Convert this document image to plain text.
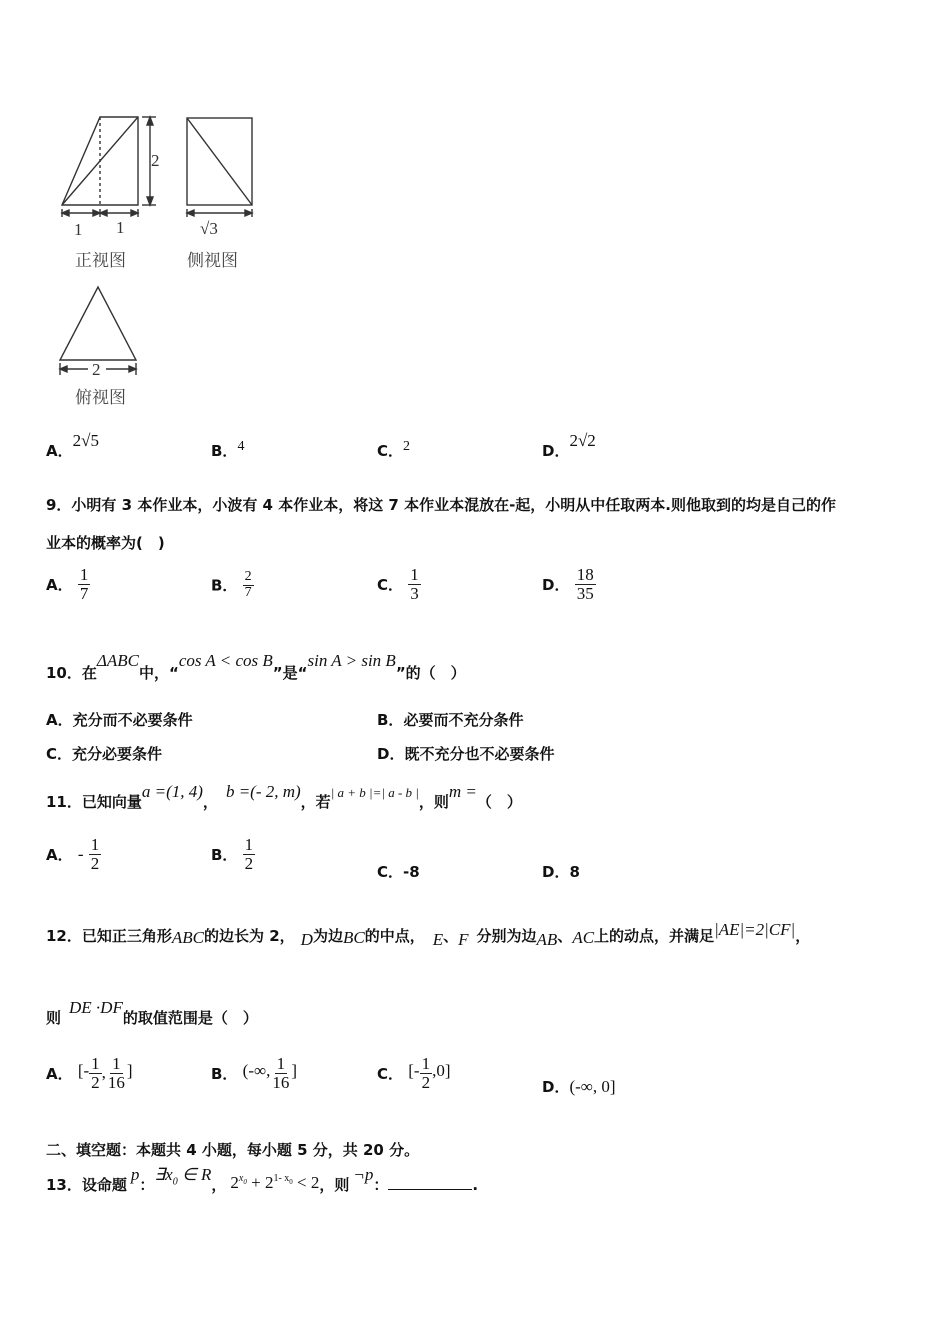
2
1 1
正视图
√3
侧视图
2
俯视图
A．2√5
B．4	C．2	D．2√2
9．小明有 3 本作业本，小波有 4 本作业本，将这 7 本作业本混放在-起，小明从中任取两本.则他取到的均是自己的作
业本的概率为(　)
A． $\frac{1}{7}$	B． $\frac{2}{7}$	C． $\frac{1}{3}$	D． $\frac{18}{35}$
10．在ΔABC中，“cos A < cos B”是“sin A > sin B”的（　）
A．充分而不必要条件	B．必要而不充分条件
C．充分必要条件	D．既不充分也不必要条件
11．已知向量a =(1, 4)，b =(- 2, m)，若| a + b |=| a - b |，则m =（　）
A． - $\frac{1}{2}$	B． $\frac{1}{2}$	C．-8	D．8
12．已知正三角形ABC的边长为 2， D为边BC的中点， E、F 分别为边AB、AC上的动点，并满足|AE|=2|CF|，
则DE ·DF的取值范围是（　）
A． [- $\frac{1}{2}$ , $\frac{1}{16}$ ]	B． (-∞, $\frac{1}{16}$ ]	C． [- $\frac{1}{2} ,0$]
D．(-∞, 0]
二、填空题：本题共 4 小题，每小题 5 分，共 20 分。
13．设命题p：$\exists x_0$ ∈ R， $2^{x_0} + 2^{1- x_0} < 2$，则¬p：	.
